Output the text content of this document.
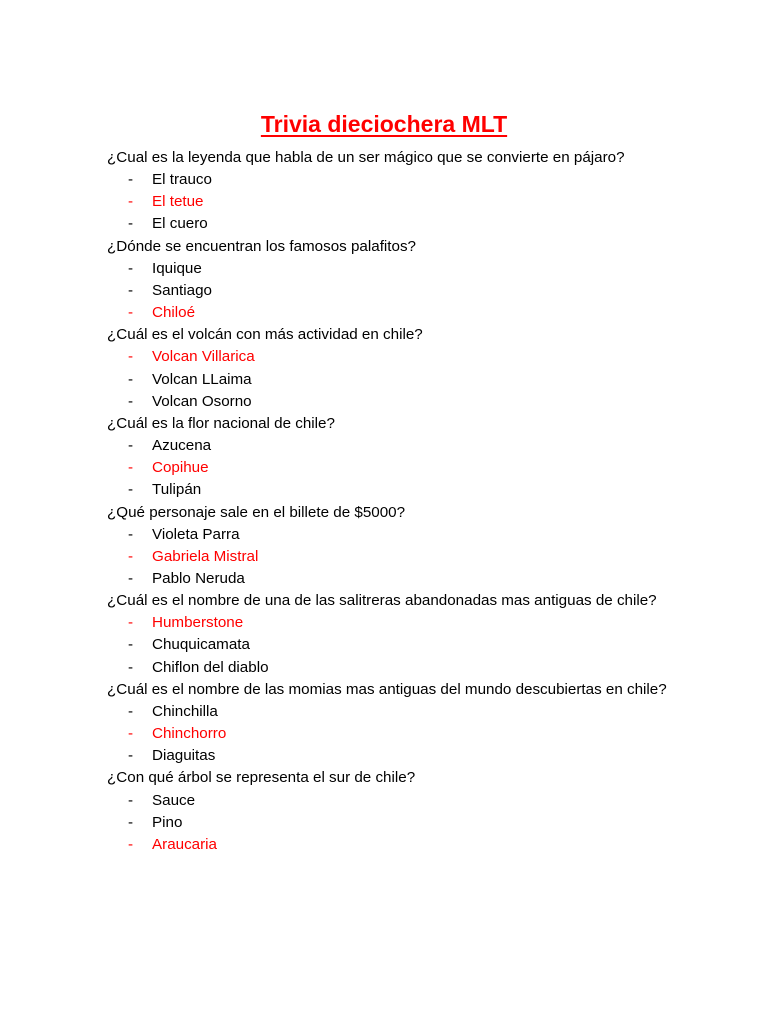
Trivia dieciochera MLT

¿Cual es la leyenda que habla de un ser mágico que se convierte en pájaro?

- El trauco
- El tetue
- El cuero

¿Dónde se encuentran los famosos palafitos?

- Iquique
- Santiago
- Chiloé

¿Cuál es el volcán con más actividad en chile?

- Volcan Villarica
- Volcan LLaima
- Volcan Osorno

¿Cuál es la flor nacional de chile?

- Azucena
- Copihue
- Tulipán

¿Qué personaje sale en el billete de $5000?

- Violeta Parra
- Gabriela Mistral
- Pablo Neruda

¿Cuál es el nombre de una de las salitreras abandonadas mas antiguas de chile?

- Humberstone
- Chuquicamata
- Chiflon del diablo

¿Cuál es el nombre de las momias mas antiguas del mundo descubiertas en chile?

- Chinchilla
- Chinchorro
- Diaguitas

¿Con qué árbol se representa el sur de chile?

- Sauce
- Pino
- Araucaria
